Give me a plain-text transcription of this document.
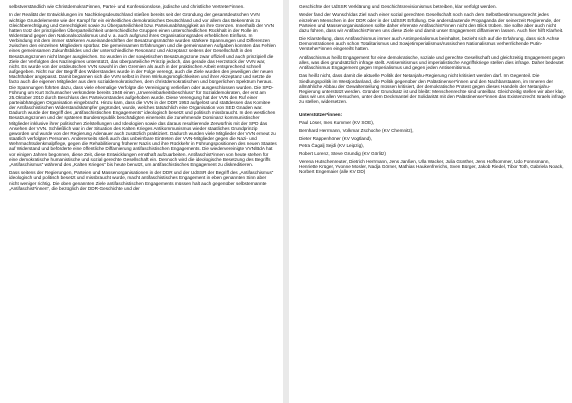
selbstverständlich wie Christdemokrat*innen, Partei- und Konfessionslose, jüdische und christliche Vertreter*innen.

In der Realität der Entwicklungen im Nachkriegsdeutschland stießen bereits seit der Gründung der gesamtdeutschen VVN wichtige Grundelemente wie der Kampf für ein einheitliches demokratisches Deutschland und vor allem das Bekenntnis zu Gleichberechtigung und Gerechtigkeit sowie zu Überparteilichkeit bzw. Parteiunabhängigkeit an ihre Grenzen. Innerhalb der VVN hatten trotz der prinzipiellen Überparteilichkeit unterschiedliche Gruppen einen unterschiedlichen Rückhalt in der Rolle im Widerstand gegen den Nationalsozialismus und v. a. auch aufgrund ihres Organisationsgrades erheblichen Einfluss. In Verbindung mit dem immer stärkeren Auseinanderdriften der Besatzungsmächte wurden stärkere Spannungen und Differenzen zwischen den einzelnen Mitgliedern spürbar. Die gemeinsamen Erfahrungen und die gemeinsamen Aufgaben konnten das Fehlen eines gemeinsamen Zukunftsbildes und der unterschiedliche Resonanz und Akzeptanz seitens der Gesellschaft in den Besatzungszonen nicht länger ausgleichen. So wurden in der sowjetischen Besatzungszone zwar offiziell und auch prinzipiell die Ziele der Verfolgten des Naziregimes unterstützt, das überparteiliche Prinzip jedoch, das gerade das Herzstück der VVN war, nicht. Es wurde von der ostdeutschen VVN sowohl in den Gremien als auch in der praktischen Arbeit entsprechend schnell aufgegeben. Nicht nur der Begriff des Widerstandes wurde in der Folge verengt, auch die Ziele wurden den jeweiligen der neuen Machthaber angepasst. Damit begannen sich die VVN selbst in ihren Wirkungsmöglichkeiten und ihrer Akzeptanz und setzte de facto auch die eigenen Mitglieder aus dem sozialdemokratischen, dem christdemokratischen und bürgerlichen Spektrum heraus. Die Spannungen führten dazu, dass viele ehemalige Verfolgte die Vereinigung verließen oder ausgeschlossen wurden. Die SPD-Führung um Kurt Schumacher verkündete bereits 1948 einen „Unvereinbarkeitsbeschluss“ für Sozialdemokraten, der erst am 25.Oktober 2010 durch Beschluss des Parteivorstandes aufgehoben wurde. Diese Verengung hat der VVN den Ruf einer parteiabhängigen Organisation eingebracht. Hinzu kam, dass die VVN in der DDR 1953 aufgelöst und stattdessen das Komitee der Antifaschistischen Widerstandskämpfer gegründet, wurde, welches tatsächlich eine Organisation von SED Gnaden war. Dadurch wurde der Begriff des „antifaschistischen Engagements“ ideologisch besetzt und politisch missbraucht. In den westlichen Besatzungszonen und der späteren Bundesrepublik beschädigten einerseits die zunehmende Dominanz kommunistischer Mitglieder inklusive ihrer politischen Zielstellungen und Ideologien sowie das daraus resultierende Zerwürfnis mit der SPD das Ansehen der VVN. Schließlich war in der Situation des Kalten Krieges Antikommunismus wieder staatliches Grundprinzip geworden und wurde von der Regierung Adenauer auch zusätzlich praktiziert. Dadurch wurden viele Mitglieder der VVN erneut zu staatlich verfolgten Personen. Andererseits stieß auch das unbeirrbare Eintreten der VVN-Mitglieder gegen die Nazi- und Wehrmachtsdenkmalpflege, gegen die Rehabilitierung früherer Nazis und ihre Rückkehr in Führungspositionen des neuen Staates auf Widerstand und beförderte eine öffentliche Diffamierung antifaschistischen Engagements. Die wiedervereinigte VVN/BdA hat vor einigen Jahren begonnen, diese Zeit, diese Entwicklungen ernsthaft aufzuarbeiten. Antifaschist*innen von heute stehen für eine demokratische humanistische und sozial gerechte Gesellschaft ein. Dennoch wird die ideologische Besetzung des Begriffs „Antifaschismus“ während des „Kalten Krieges“ bis heute benutzt, um antifaschistisches Engagement zu diskreditieren.

Dass seitens der Regierungen, Parteien und Massenorganisationen in der DDR und der UdSSR der Begriff des „Antifaschismus“ ideologisch und politisch besetzt und missbraucht wurde, macht antifaschistisches Engagement in eben genannten Sinn aber nicht weniger richtig. Die oben genannten Ziele antifaschistischen Engagements müssen halt auch gegenüber selbsternannte „Antifaschist*innen“, die bezüglich der DDR-Geschichte und der

Geschichte der UdSSR Verklärung und Geschichtsrevisionismus betreiben, klar verfolgt werden.

Weder fand der Wunsch/das Ziel nach einer sozial gerechten Gesellschaft noch nach dem Selbstbestimmungsrecht jedes einzelnen Menschen in der DDR oder in der UdSSR Erfüllung. Die andersdautende Propaganda der seinerzeit Regierende, der Parteien und Massenorganisationen sollte daher ehrenste Antifaschist*innen nicht den Blick trüben. Sie sollte aber auch nicht dazu führen, dass wir Antifaschist*innen uns diese Ziele und damit unser Engagement diffamieren lassen. Auch hier hilft Klarheit.

Die Klarstellung, dass Antifaschismus immer auch Antimperialismus beinhaltet, bezieht sich auf die Erfahrung, dass sich Achse Demonstrationen auch schon Totalitarismus und Sowjetimperialismus/russischen Nationalismus verherrlichende Putin-Versteher*innen eingereiht hatten.

Antifaschismus heißt Engagement für eine demokratische, soziale und gerechte Gesellschaft und gleichzeitig Engagement gegen alles, was dies grundsätzlich infrage stellt. Antisemitismus und imperialistische Angriffskriege stellen dies infrage. Daher bedeutet Antifaschismus Engagement gegen Imperialismus und gegen jeden Antisemitismus.

Das heißt nicht, dass damit die aktuelle Politik der Netanjahu-Regierung nicht kritisiert werden darf. Im Gegenteil. Die Siedlungspolitik im Westjordanland, die Politik gegenüber den Palästinenser*innen und den Nachbarstaaten, im Inneren der allmähliche Abbau der Gewaltenteilung müssen kritisiert, der demokratische Protest gegen dieses Handeln der Netanjahu-Regierung unterstützt werden. Gründer Grundsatz ist und bleibt: Menschenrechte sind unteilbar. Gleichzeitig stellen wir aber klar, dass wir uns allen Versuchen, unter dem Deckmantel der Solidarität mit den Palästinenser*innen das Existenzrecht Israels infrage zu stellen, widersetzen.

Unterstützer*innen:

Paul Löser, Ines Kummer (KV SOE),

Bernhard Herrmann, Volkmar Zschoche (KV Chemnitz),

Dieter Rappenhöner (KV Vogtland),

Petra Čagalj Sejdi (KV Leipzig),

Robert Lorenz, Steve Grundig (KV Görlitz)

Verena Hutschenreuter, Dietrich Herrmann, Jens Janßen, Ulla Wacker, Julia Günther, Jens Hoffsommer, Udo Fonnsmann, Henriette Krüger, Yvonne Mosler, Nadja Görner, Mathias Haukenfrerichs, Sven Bürger, Jakob Riedel, Tibor Toth, Gabriela Noack, Norbert Engemaier (alle KV DD)
